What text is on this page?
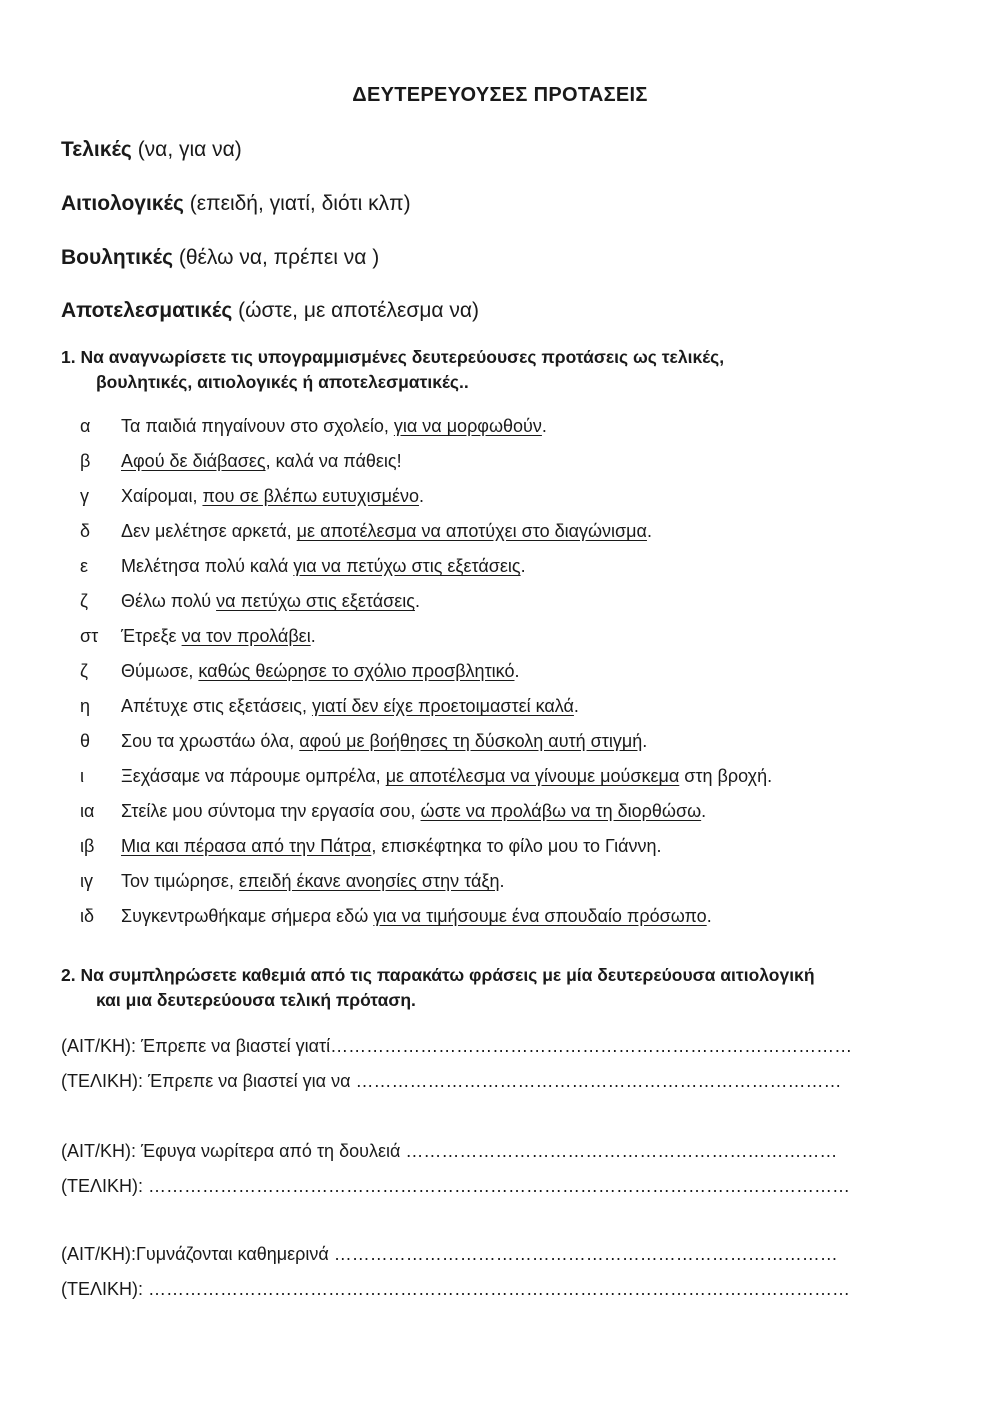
ΔΕΥΤΕΡΕΥΟΥΣΕΣ ΠΡΟΤΑΣΕΙΣ
Τελικές (να, για να)
Αιτιολογικές (επειδή, γιατί, διότι κλπ)
Βουλητικές (θέλω να, πρέπει να )
Αποτελεσματικές (ώστε, με αποτέλεσμα να)
1. Να αναγνωρίσετε τις υπογραμμισμένες δευτερεύουσες προτάσεις ως τελικές,
βουλητικές, αιτιολογικές ή αποτελεσματικές..
α Τα παιδιά πηγαίνουν στο σχολείο, για να μορφωθούν.
β Αφού δε διάβασες, καλά να πάθεις!
γ Χαίρομαι, που σε βλέπω ευτυχισμένο.
δ Δεν μελέτησε αρκετά, με αποτέλεσμα να αποτύχει στο διαγώνισμα.
ε Μελέτησα πολύ καλά για να πετύχω στις εξετάσεις.
ζ Θέλω πολύ να πετύχω στις εξετάσεις.
στ Έτρεξε να τον προλάβει.
ζ Θύμωσε, καθώς θεώρησε το σχόλιο προσβλητικό.
η Απέτυχε στις εξετάσεις, γιατί δεν είχε προετοιμαστεί καλά.
θ Σου τα χρωστάω όλα, αφού με βοήθησες τη δύσκολη αυτή στιγμή.
ι Ξεχάσαμε να πάρουμε ομπρέλα, με αποτέλεσμα να γίνουμε μούσκεμα στη βροχή.
ια Στείλε μου σύντομα την εργασία σου, ώστε να προλάβω να τη διορθώσω.
ιβ Μια και πέρασα από την Πάτρα, επισκέφτηκα το φίλο μου το Γιάννη.
ιγ Τον τιμώρησε, επειδή έκανε ανοησίες στην τάξη.
ιδ Συγκεντρωθήκαμε σήμερα εδώ για να τιμήσουμε ένα σπουδαίο πρόσωπο.
2. Να συμπληρώσετε καθεμιά από τις παρακάτω φράσεις με μία δευτερεύουσα αιτιολογική
και μια δευτερεύουσα τελική πρόταση.
(ΑΙΤ/ΚΗ): Έπρεπε να βιαστεί γιατί……………………………………………………………………………
(ΤΕΛΙΚΗ): Έπρεπε να βιαστεί για να ………………………………………………………………………
(ΑΙΤ/ΚΗ): Έφυγα νωρίτερα από τη δουλειά ………………………………………………………………
(ΤΕΛΙΚΗ): ………………………………………………………………………………………………………
(ΑΙΤ/ΚΗ):Γυμνάζονται καθημερινά …………………………………………………………………………
(ΤΕΛΙΚΗ): ………………………………………………………………………………………………………
